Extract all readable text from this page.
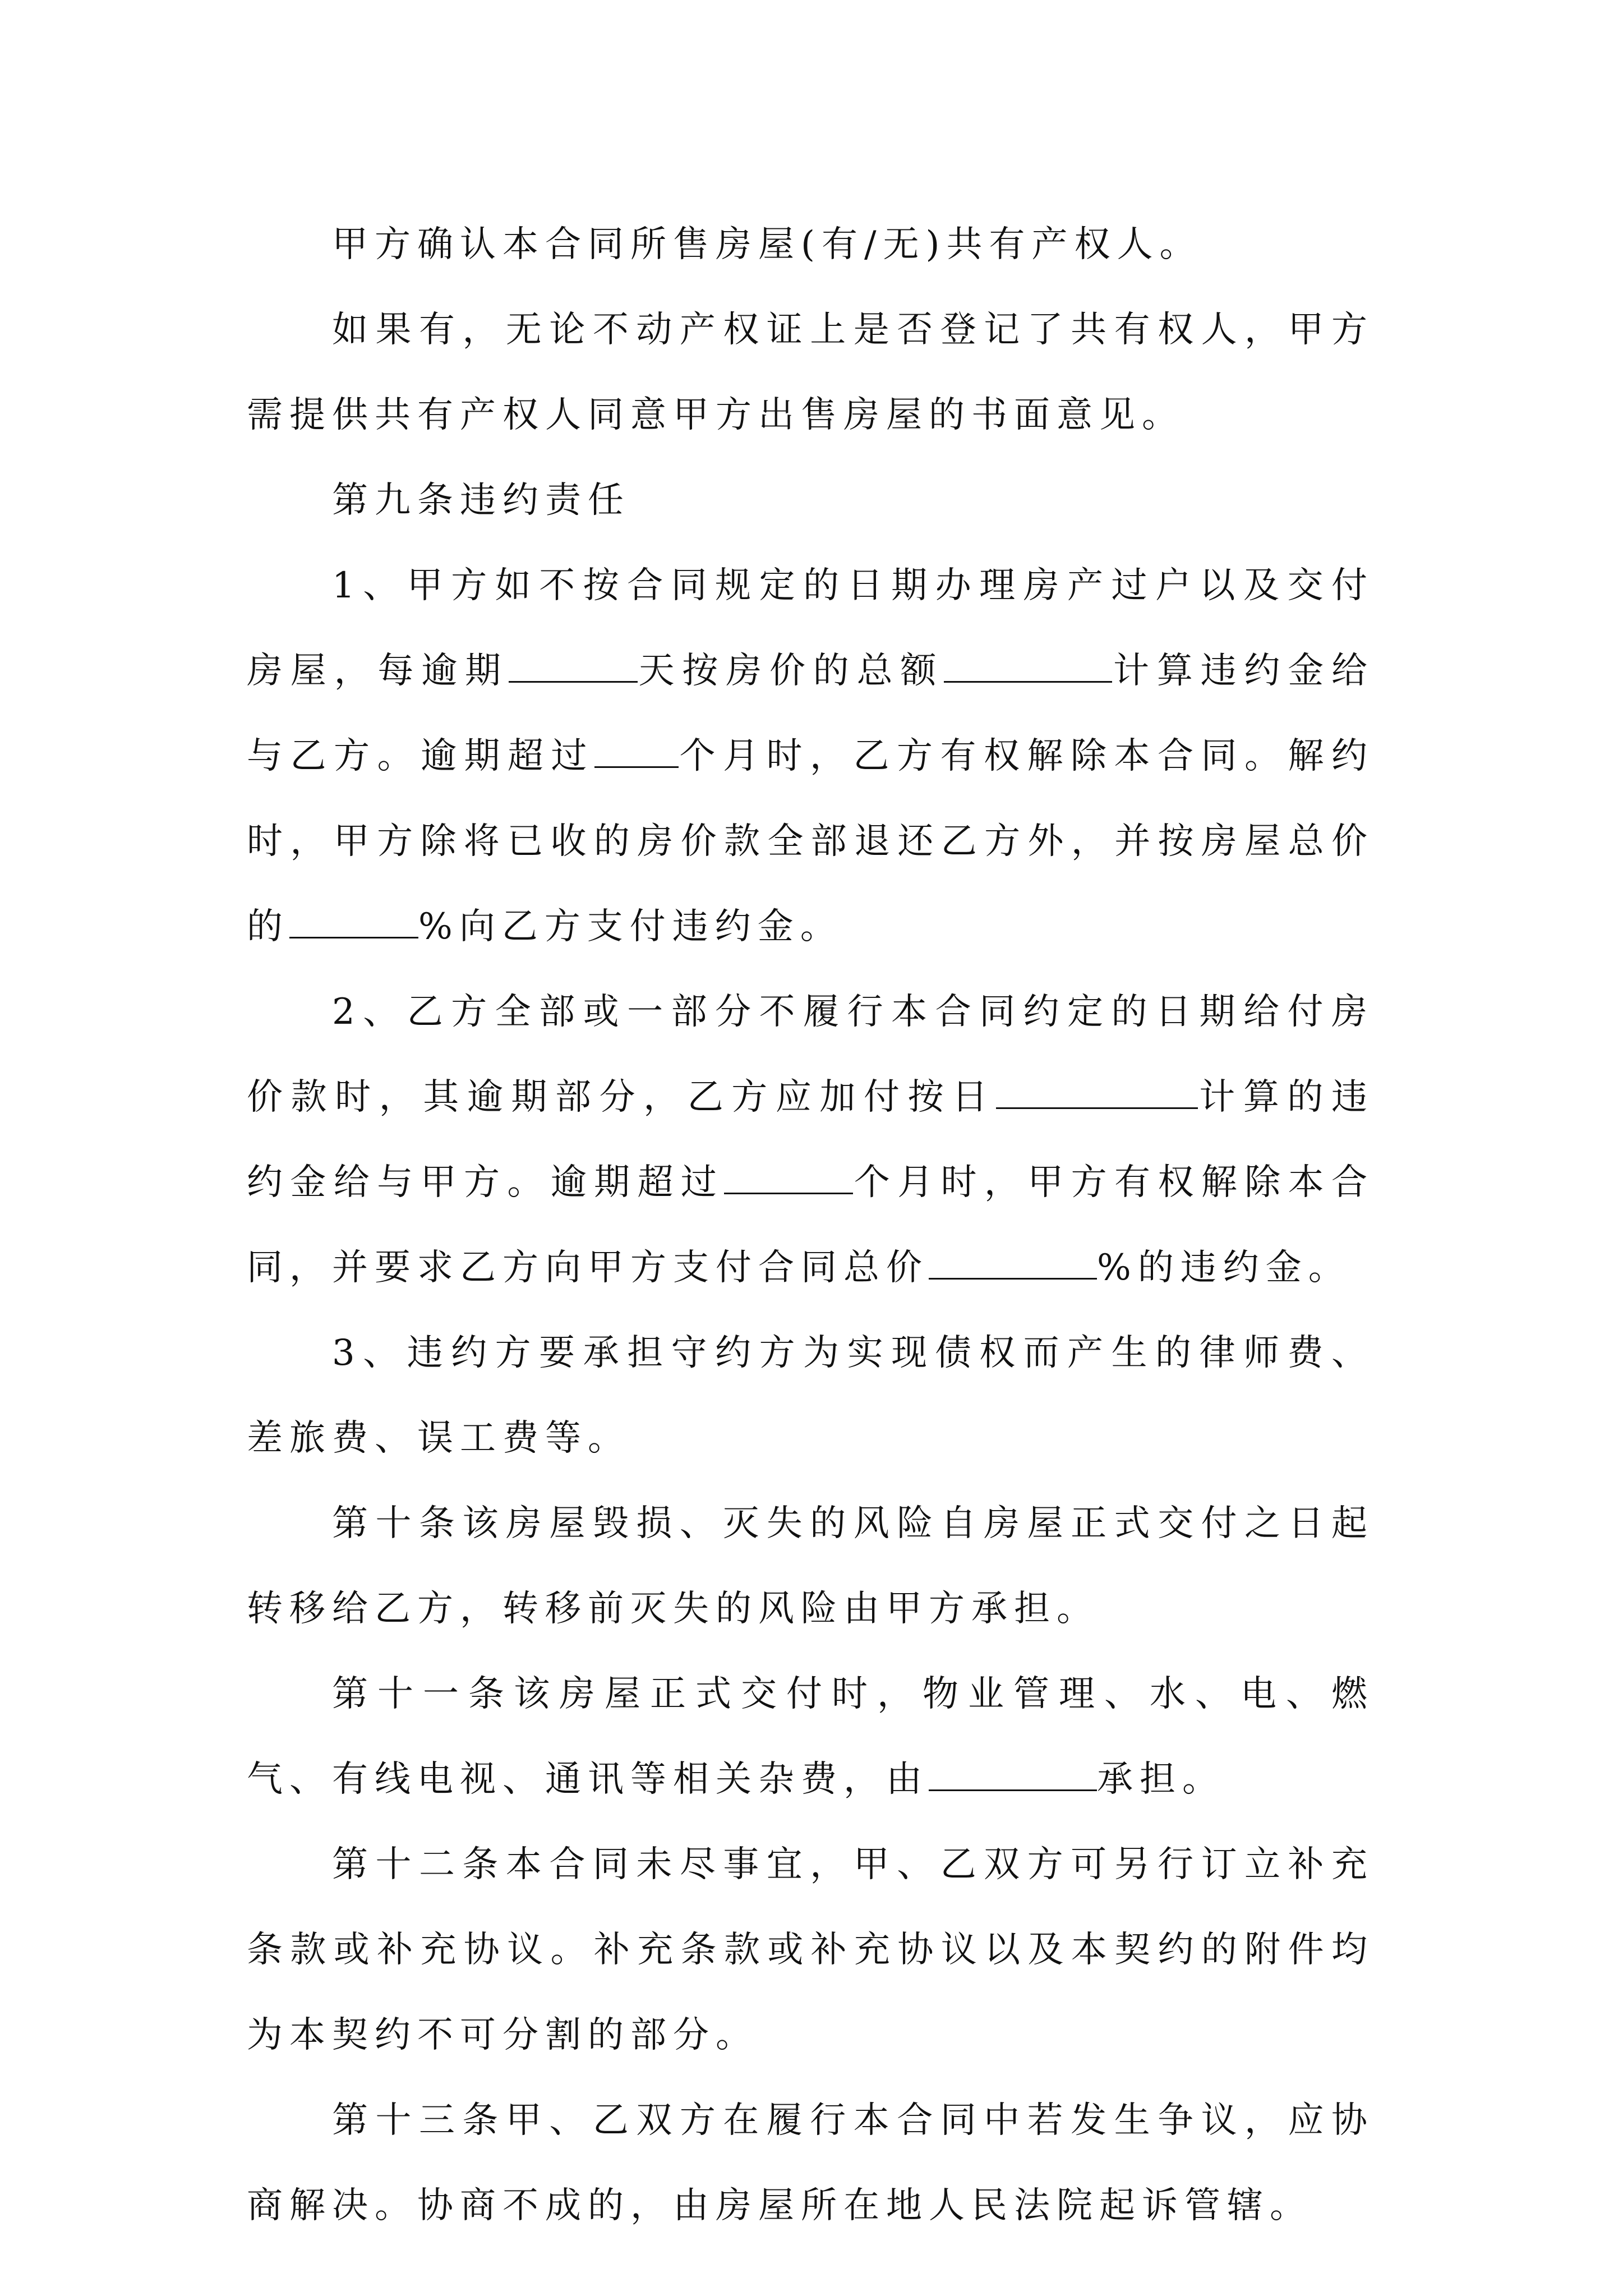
甲方确认本合同所售房屋(有/无)共有产权人。

如果有，无论不动产权证上是否登记了共有权人，甲方需提供共有产权人同意甲方出售房屋的书面意见。

第九条违约责任

1、甲方如不按合同规定的日期办理房产过户以及交付房屋，每逾期	天按房价的总额	计算违约金给与乙方。逾期超过 个月时，乙方有权解除本合同。解约时，甲方除将已收的房价款全部退还乙方外，并按房屋总价的	%向乙方支付违约金。

2、乙方全部或一部分不履行本合同约定的日期给付房价款时，其逾期部分，乙方应加付按日	计算的违约金给与甲方。逾期超过	个月时，甲方有权解除本合同，并要求乙方向甲方支付合同总价	%的违约金。

3、违约方要承担守约方为实现债权而产生的律师费、差旅费、误工费等。

第十条该房屋毁损、灭失的风险自房屋正式交付之日起转移给乙方，转移前灭失的风险由甲方承担。

第十一条该房屋正式交付时，物业管理、水、电、燃气、有线电视、通讯等相关杂费，由	承担。

第十二条本合同未尽事宜，甲、乙双方可另行订立补充条款或补充协议。补充条款或补充协议以及本契约的附件均为本契约不可分割的部分。

第十三条甲、乙双方在履行本合同中若发生争议，应协商解决。协商不成的，由房屋所在地人民法院起诉管辖。
